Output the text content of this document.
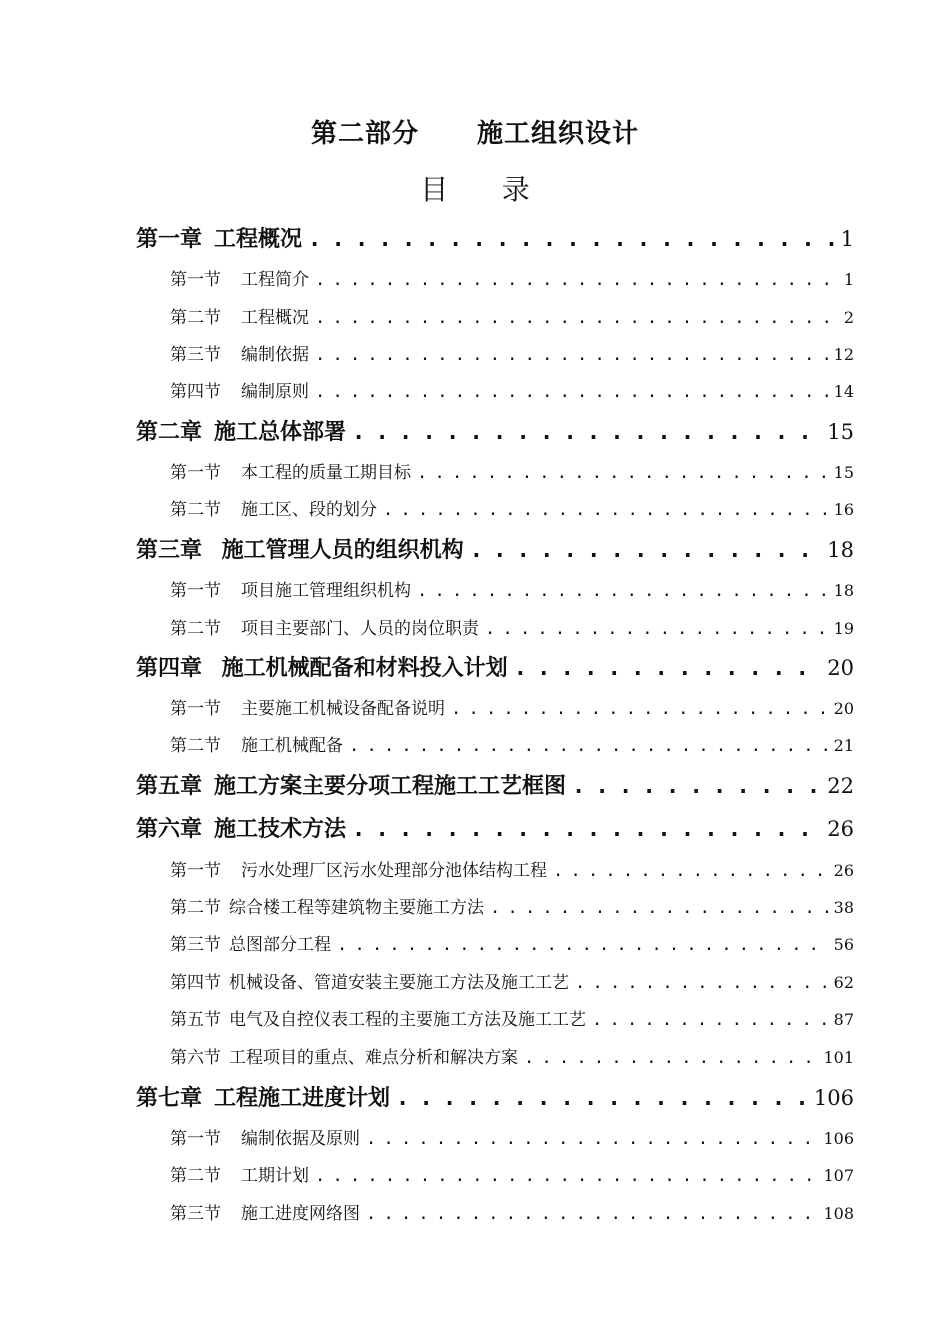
第二部分 施工组织设计
目      录
第一章 工程概况 . . .	1
第一节 工程简介 . . .	1
第二节 工程概况 . . .	2
第三节 编制依据 . . .	12
第四节 编制原则 . . .	14
第二章 施工总体部署 . . .	15
第一节 本工程的质量工期目标 . . .	15
第二节 施工区、段的划分 . . .	16
第三章 施工管理人员的组织机构 . . .	18
第一节 项目施工管理组织机构 . . .	18
第二节 项目主要部门、人员的岗位职责 . . .	19
第四章 施工机械配备和材料投入计划 . . .	20
第一节 主要施工机械设备配备说明 . . .	20
第二节 施工机械配备 . . .	21
第五章 施工方案主要分项工程施工工艺框图 . . .	22
第六章 施工技术方法 . . .	26
第一节 污水处理厂区污水处理部分池体结构工程 . . .	26
第二节 综合楼工程等建筑物主要施工方法 . . .	38
第三节 总图部分工程 . . .	56
第四节 机械设备、管道安装主要施工方法及施工工艺 . . .	62
第五节 电气及自控仪表工程的主要施工方法及施工工艺 . . .	87
第六节 工程项目的重点、难点分析和解决方案 . . .	101
第七章 工程施工进度计划 . . .	106
第一节 编制依据及原则 . . .	106
第二节 工期计划 . . .	107
第三节 施工进度网络图 . . .	108
